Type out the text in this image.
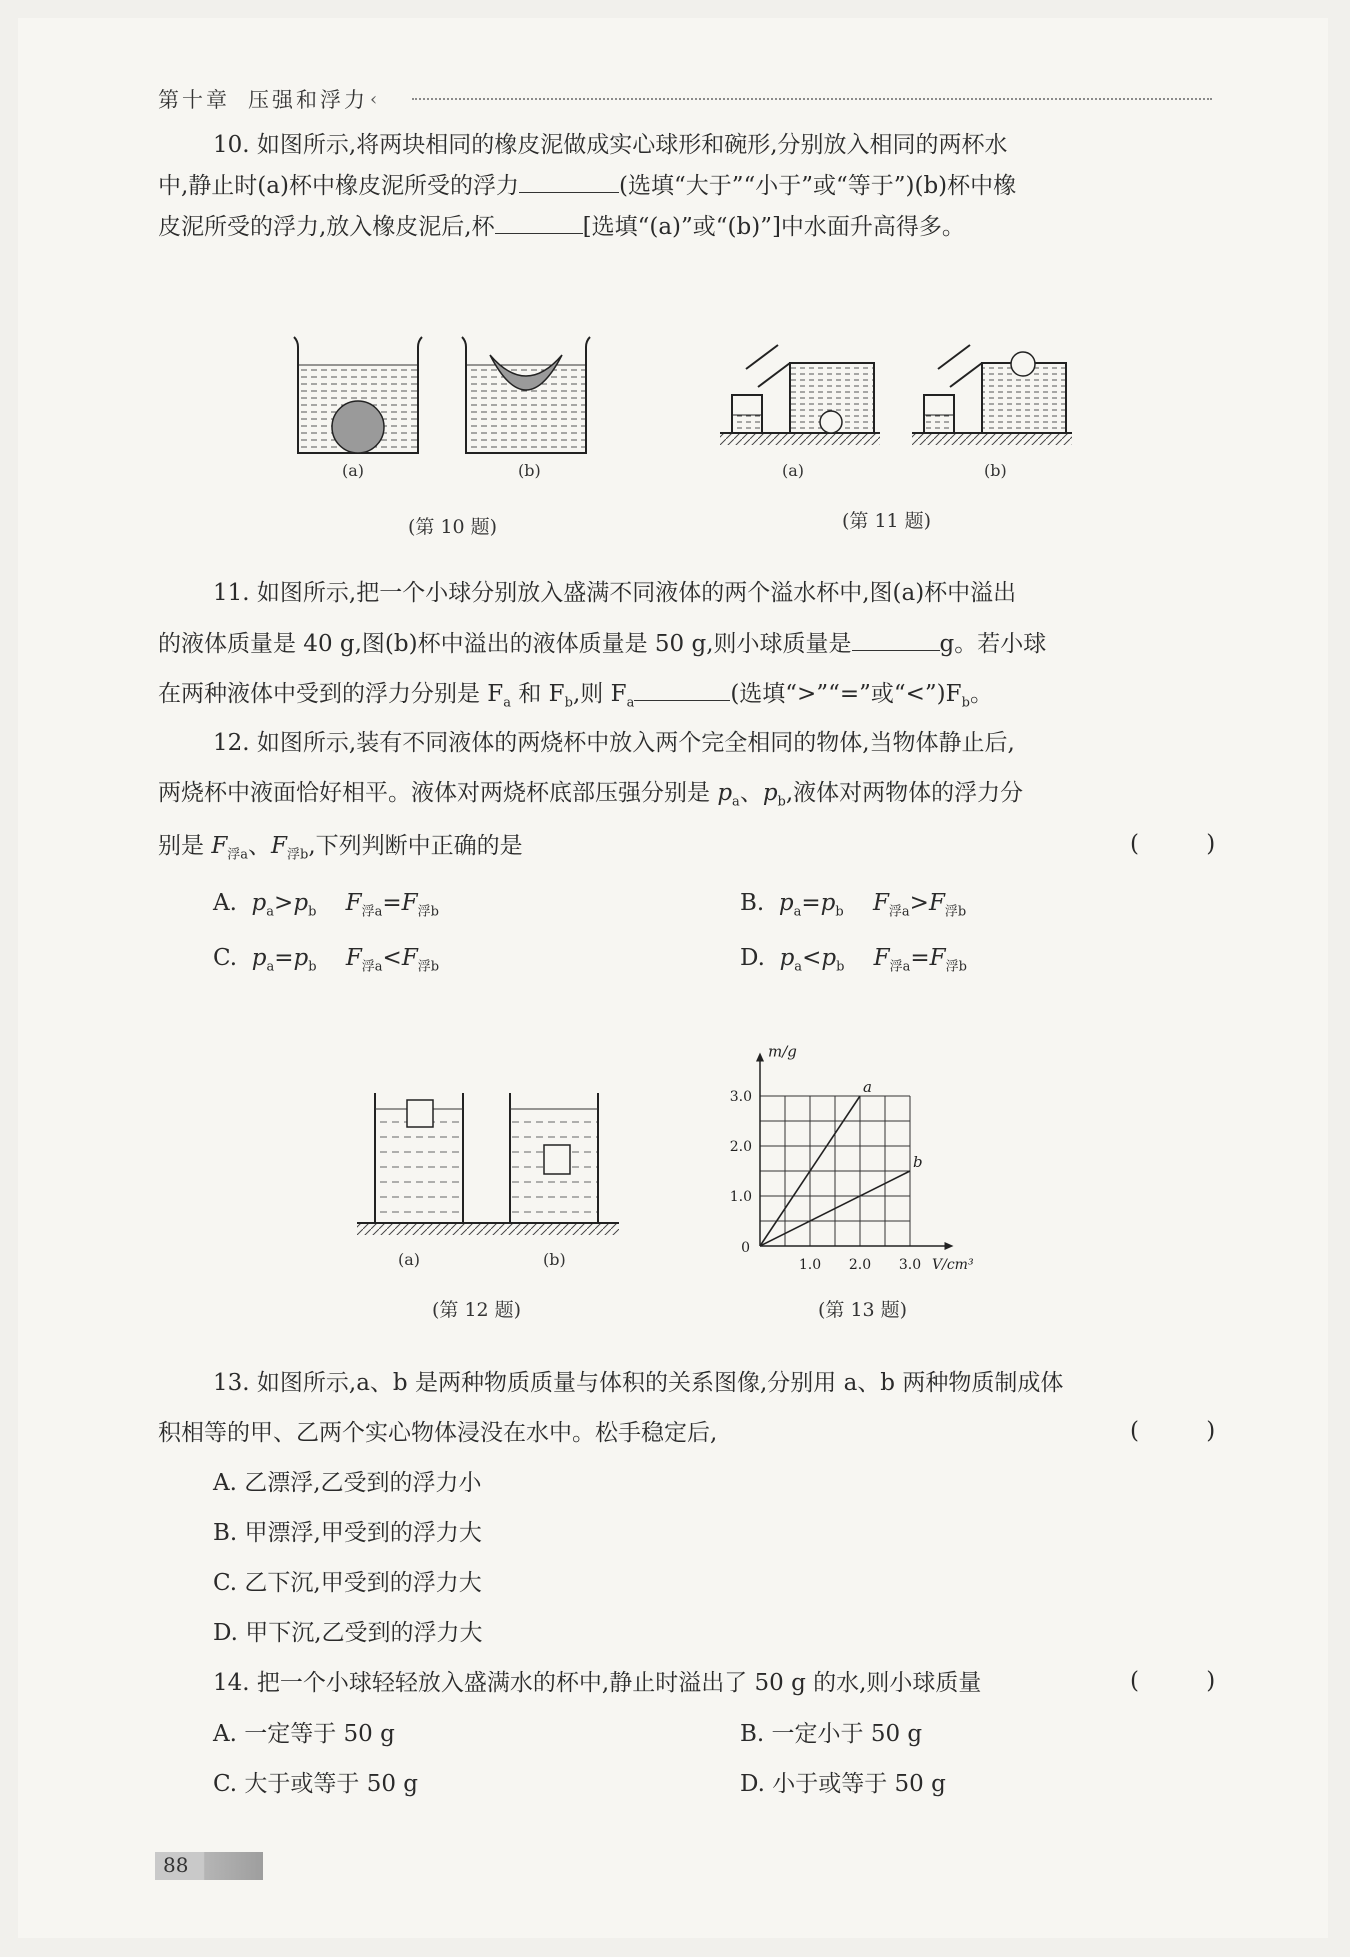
第十章 压强和浮力 ‹

10. 如图所示,将两块相同的橡皮泥做成实心球形和碗形,分别放入相同的两杯水

中,静止时(a)杯中橡皮泥所受的浮力	(选填“大于”“小于”或“等于”)(b)杯中橡

皮泥所受的浮力,放入橡皮泥后,杯	[选填“(a)”或“(b)”]中水面升高得多。

(a)	(b)
(第 10 题)
(a)	(b)
(第 11 题)

11. 如图所示,把一个小球分别放入盛满不同液体的两个溢水杯中,图(a)杯中溢出

的液体质量是 40 g,图(b)杯中溢出的液体质量是 50 g,则小球质量是	g。若小球

在两种液体中受到的浮力分别是 $F_a$ 和 $F_b$,则 $F_a$	(选填“>”“=”或“$<”)F_b$。

12. 如图所示,装有不同液体的两烧杯中放入两个完全相同的物体,当物体静止后,

两烧杯中液面恰好相平。液体对两烧杯底部压强分别是 $p_a$、$p_b$,液体对两物体的浮力分

别是 $F_{浮a}$、$F_{浮b}$,下列判断中正确的是	( )

A. $p_a>p_b$ $F_{浮a}=F_{浮b}$	B. $p_a=p_b$ $F_{浮a}>F_{浮b}$

C. $p_a=p_b$ $F_{浮a}<F_{浮b}$	D. $p_a<p_b$ $F_{浮a}=F_{浮b}$

(a)	(b)
(第 12 题)
m/g
V/cm³
0
1.0 2.0 3.0
1.0
2.0
3.0
a
b
(第 13 题)

13. 如图所示,a、b 是两种物质质量与体积的关系图像,分别用 a、b 两种物质制成体

积相等的甲、乙两个实心物体浸没在水中。松手稳定后,	( )

A. 乙漂浮,乙受到的浮力小

B. 甲漂浮,甲受到的浮力大

C. 乙下沉,甲受到的浮力大

D. 甲下沉,乙受到的浮力大

14. 把一个小球轻轻放入盛满水的杯中,静止时溢出了 50 g 的水,则小球质量	( )

A. 一定等于 50 g	B. 一定小于 50 g

C. 大于或等于 50 g	D. 小于或等于 50 g

88
